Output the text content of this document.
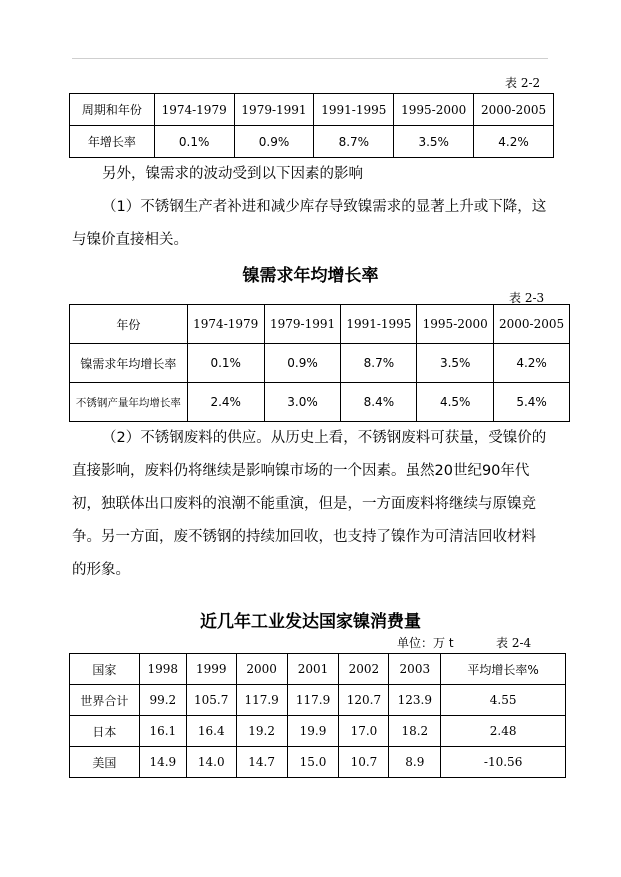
表 2-2
周期和年份	1974-1979	1979-1991	1991-1995	1995-2000	2000-2005
年增长率	0.1%	0.9%	8.7%	3.5%	4.2%
另外，镍需求的波动受到以下因素的影响
（1）不锈钢生产者补进和减少库存导致镍需求的显著上升或下降，这与镍价直接相关。
镍需求年均增长率
表 2-3
年份	1974-1979	1979-1991	1991-1995	1995-2000	2000-2005
镍需求年均增长率	0.1%	0.9%	8.7%	3.5%	4.2%
不锈钢产量年均增长率	2.4%	3.0%	8.4%	4.5%	5.4%
（2）不锈钢废料的供应。从历史上看，不锈钢废料可获量，受镍价的直接影响，废料仍将继续是影响镍市场的一个因素。虽然20世纪90年代初，独联体出口废料的浪潮不能重演，但是，一方面废料将继续与原镍竞争。另一方面，废不锈钢的持续加回收，也支持了镍作为可清洁回收材料的形象。
近几年工业发达国家镍消费量
单位：万 t	表 2-4
国家	1998	1999	2000	2001	2002	2003	平均增长率%
世界合计	99.2	105.7	117.9	117.9	120.7	123.9	4.55
日本	16.1	16.4	19.2	19.9	17.0	18.2	2.48
美国	14.9	14.0	14.7	15.0	10.7	8.9	-10.56
